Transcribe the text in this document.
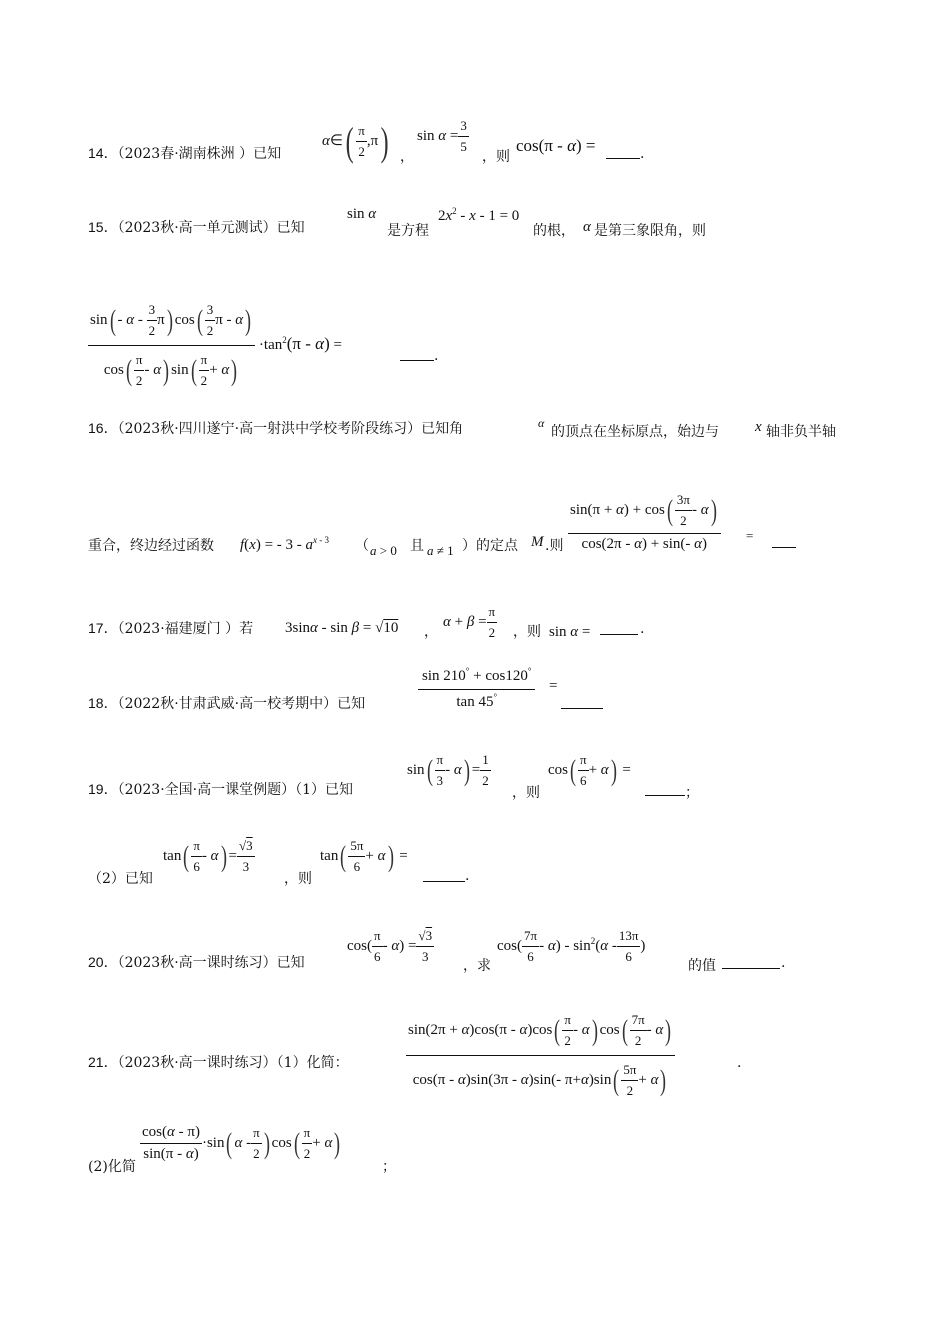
14．（2023春·湖南株洲 ）已知
α∈( $\frac{\pi}{2} ,\pi$) ，
$\sin \alpha = \frac{3}{5}$
，则
cos(π - α) =	.
15．（2023秋·高一单元测试）已知
sin α
是方程
$2x^2 - x - 1 = 0$
的根， α 是第三象限角，则
$\frac{\sin( - \alpha - \frac{3}{2} \pi) \cos( \frac{3}{2} \pi - \alpha)}{\cos( \frac{\pi}{2} - \alpha) \sin( \frac{\pi}{2} + \alpha)} \cdot\tan^2(\pi - \alpha)$ =
.
16．（2023秋·四川遂宁·高一射洪中学校考阶段练习）已知角	α
的顶点在坐标原点，始边与 x 轴非负半轴
重合，终边经过函数 f(x) = - $3 - a^{x - 3}$ （ a > 0 且 a ≠ 1 ）的定点 M .则 $\frac{\sin(\pi + \alpha) + \cos( \frac{3\pi}{2} - \alpha)}{\cos(2\pi - \alpha) + \sin(- \alpha)}$ =
17．（2023·福建厦门 ）若 3sinα - sin β = √10 ，
$\alpha + \beta = \frac{\pi}{2}$ ，则 sin α =	.
18．（2022秋·甘肃武威·高一校考期中）已知	$\frac{\sin 210^\circ + \cos 120^\circ}{\tan 45^\circ}$ =
19．（2023·全国·高一课堂例题）（1）已知
$\sin( \frac{\pi}{3} - \alpha) = \frac{1}{2}$
，则
$\cos( \frac{\pi}{6} + \alpha)$ =
；
（2）已知
$\tan( \frac{\pi}{6} - \alpha) = \frac{√3}{3}$
，则
$\tan( \frac{5\pi}{6} + \alpha)$ =
.
20．（2023秋·高一课时练习）已知
$\cos( \frac{\pi}{6} - \alpha) = \frac{√3}{3}$
，求
$\cos( \frac{7\pi}{6} - \alpha) - \sin^2(\alpha - \frac{13\pi}{6}$ )
的值	.
21．（2023秋·高一课时练习）（1）化简：	$\frac{\sin(2\pi + \alpha)\cos(\pi - \alpha)\cos( \frac{\pi}{2} - \alpha) \cos( \frac{7\pi}{2} - \alpha)}{\cos(\pi - \alpha)\sin(3\pi - \alpha)\sin(- \pi+\alpha)\sin( \frac{5\pi}{2} + \alpha)}$	.
(2)化简
$\frac{\cos(\alpha - \pi)}{\sin(\pi - \alpha)} \cdot\sin$( α - $\frac{\pi}{2}$ ) $\cos( \frac{\pi}{2} + \alpha)$
；
